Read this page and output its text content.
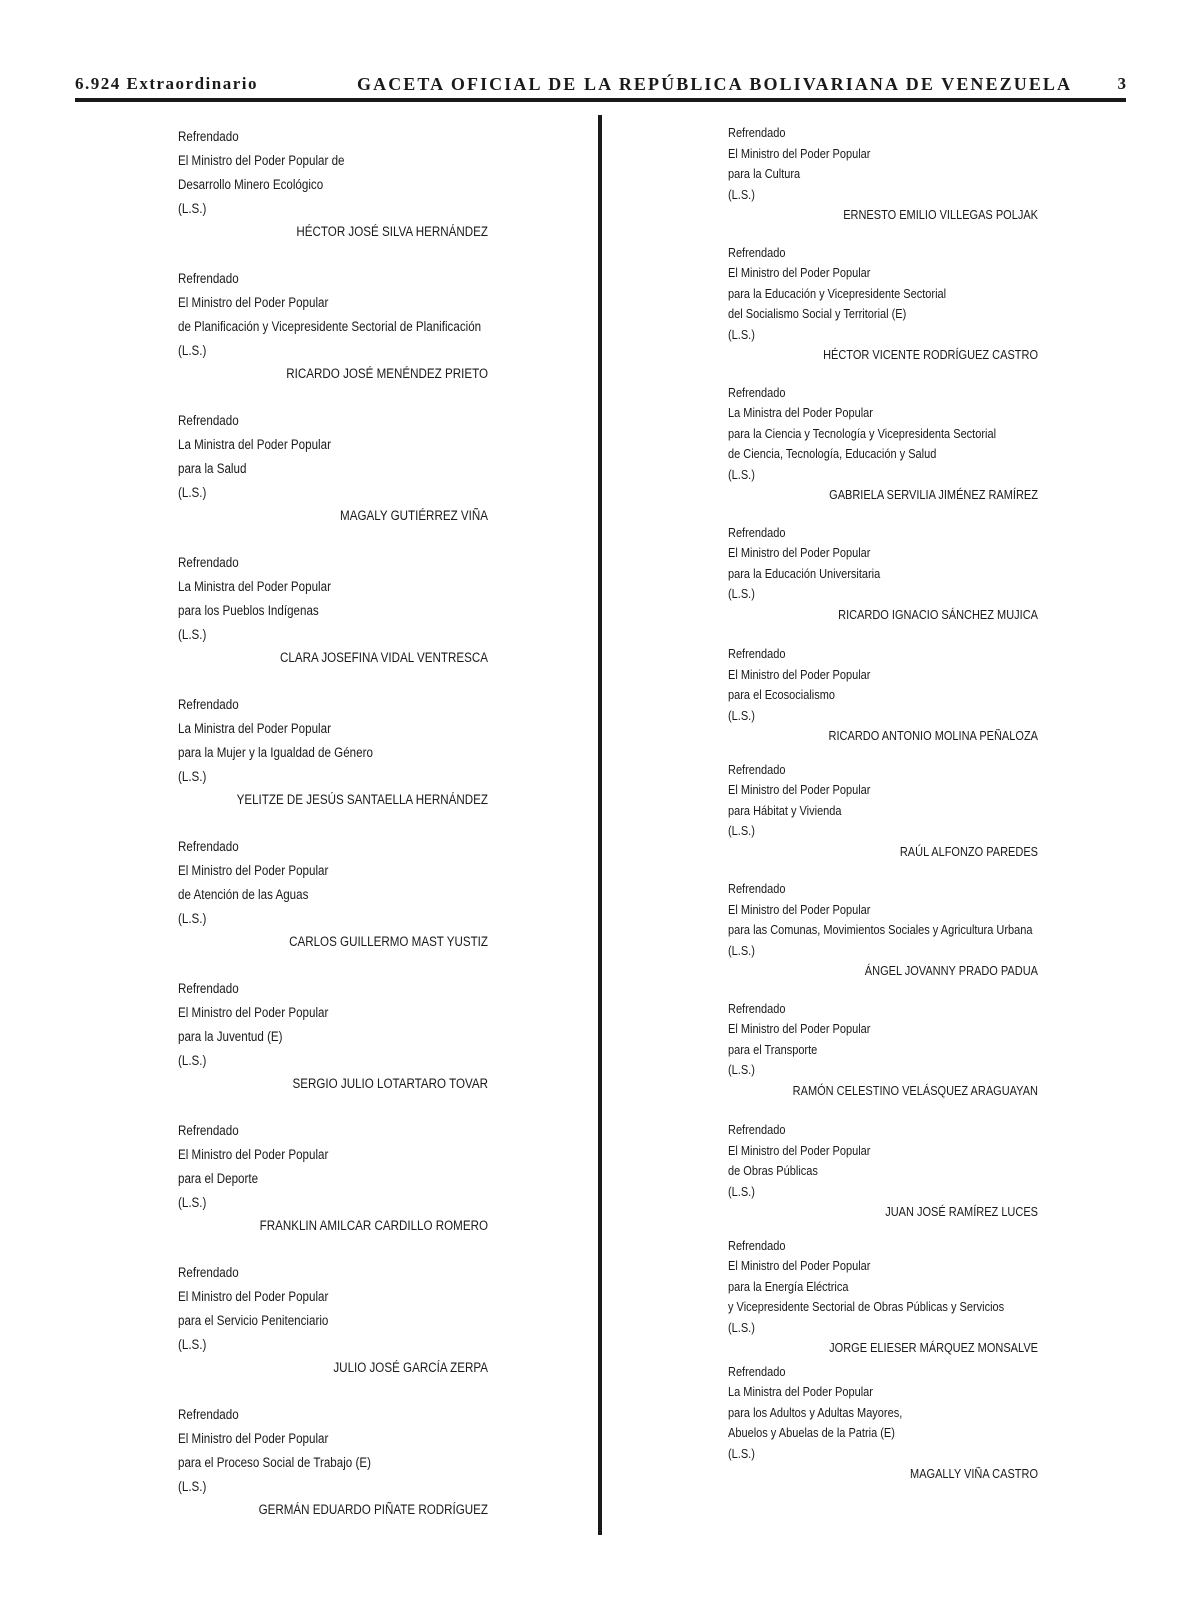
6.924 Extraordinario	GACETA OFICIAL DE LA REPÚBLICA BOLIVARIANA DE VENEZUELA	3
Refrendado
El Ministro del Poder Popular de
Desarrollo Minero Ecológico
(L.S.)
HÉCTOR JOSÉ SILVA HERNÁNDEZ
Refrendado
El Ministro del Poder Popular
de Planificación y Vicepresidente Sectorial de Planificación
(L.S.)
RICARDO JOSÉ MENÉNDEZ PRIETO
Refrendado
La Ministra del Poder Popular
para la Salud
(L.S.)
MAGALY GUTIÉRREZ VIÑA
Refrendado
La Ministra del Poder Popular
para los Pueblos Indígenas
(L.S.)
CLARA JOSEFINA VIDAL VENTRESCA
Refrendado
La Ministra del Poder Popular
para la Mujer y la Igualdad de Género
(L.S.)
YELITZE DE JESÚS SANTAELLA HERNÁNDEZ
Refrendado
El Ministro del Poder Popular
de Atención de las Aguas
(L.S.)
CARLOS GUILLERMO MAST YUSTIZ
Refrendado
El Ministro del Poder Popular
para la Juventud (E)
(L.S.)
SERGIO JULIO LOTARTARO TOVAR
Refrendado
El Ministro del Poder Popular
para el Deporte
(L.S.)
FRANKLIN AMILCAR CARDILLO ROMERO
Refrendado
El Ministro del Poder Popular
para el Servicio Penitenciario
(L.S.)
JULIO JOSÉ GARCÍA ZERPA
Refrendado
El Ministro del Poder Popular
para el Proceso Social de Trabajo (E)
(L.S.)
GERMÁN EDUARDO PIÑATE RODRÍGUEZ
Refrendado
El Ministro del Poder Popular
para la Cultura
(L.S.)
ERNESTO EMILIO VILLEGAS POLJAK
Refrendado
El Ministro del Poder Popular
para la Educación y Vicepresidente Sectorial
del Socialismo Social y Territorial (E)
(L.S.)
HÉCTOR VICENTE RODRÍGUEZ CASTRO
Refrendado
La Ministra del Poder Popular
para la Ciencia y Tecnología y Vicepresidenta Sectorial
de Ciencia, Tecnología, Educación y Salud
(L.S.)
GABRIELA SERVILIA JIMÉNEZ RAMÍREZ
Refrendado
El Ministro del Poder Popular
para la Educación Universitaria
(L.S.)
RICARDO IGNACIO SÁNCHEZ MUJICA
Refrendado
El Ministro del Poder Popular
para el Ecosocialismo
(L.S.)
RICARDO ANTONIO MOLINA PEÑALOZA
Refrendado
El Ministro del Poder Popular
para Hábitat y Vivienda
(L.S.)
RAÚL ALFONZO PAREDES
Refrendado
El Ministro del Poder Popular
para las Comunas, Movimientos Sociales y Agricultura Urbana
(L.S.)
ÁNGEL JOVANNY PRADO PADUA
Refrendado
El Ministro del Poder Popular
para el Transporte
(L.S.)
RAMÓN CELESTINO VELÁSQUEZ ARAGUAYAN
Refrendado
El Ministro del Poder Popular
de Obras Públicas
(L.S.)
JUAN JOSÉ RAMÍREZ LUCES
Refrendado
El Ministro del Poder Popular
para la Energía Eléctrica
y Vicepresidente Sectorial de Obras Públicas y Servicios
(L.S.)
JORGE ELIESER MÁRQUEZ MONSALVE
Refrendado
La Ministra del Poder Popular
para los Adultos y Adultas Mayores,
Abuelos y Abuelas de la Patria (E)
(L.S.)
MAGALLY VIÑA CASTRO
